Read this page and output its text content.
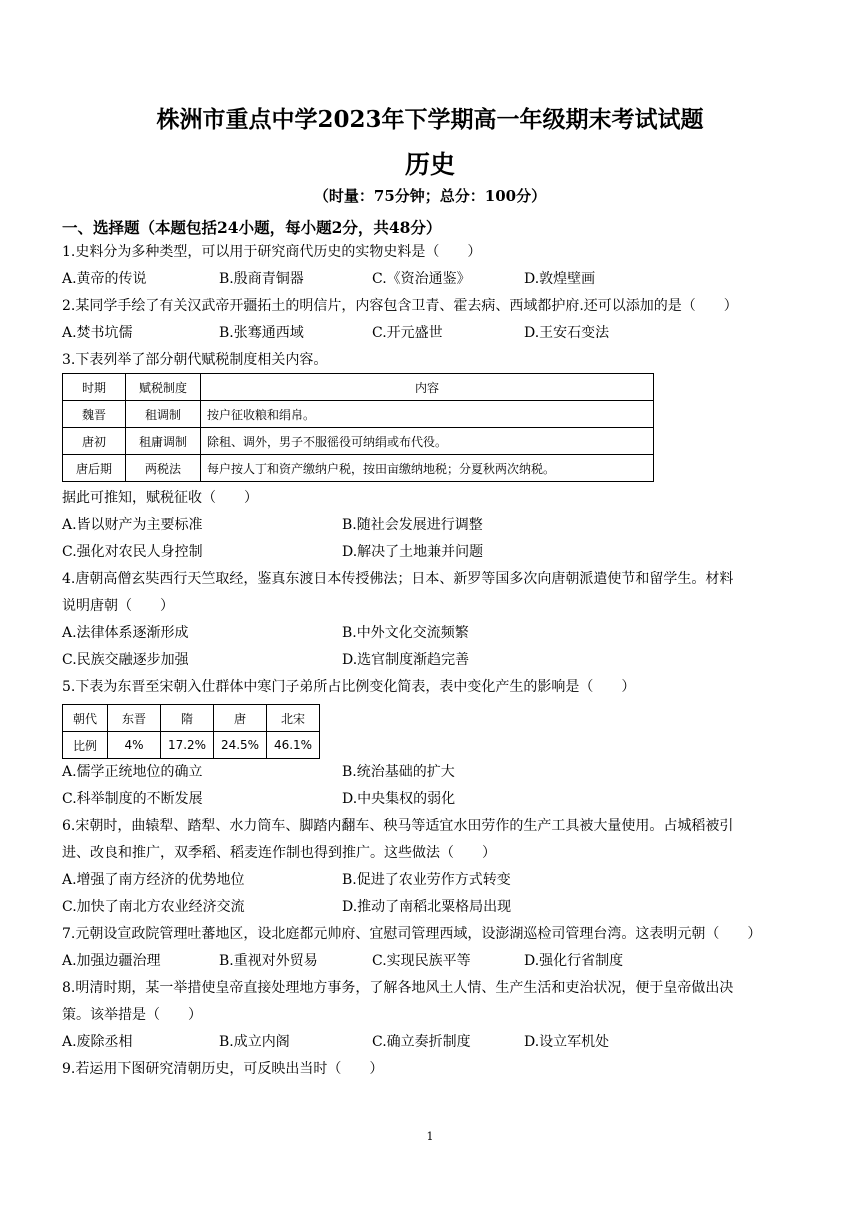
株洲市重点中学2023年下学期高一年级期末考试试题
历史
（时量：75分钟；总分：100分）
一、选择题（本题包括24小题，每小题2分，共48分）
1.史料分为多种类型，可以用于研究商代历史的实物史料是（　　）
A.黄帝的传说	B.殷商青铜器	C.《资治通鉴》	D.敦煌壁画
2.某同学手绘了有关汉武帝开疆拓土的明信片，内容包含卫青、霍去病、西域都护府.还可以添加的是（　　）
A.焚书坑儒	B.张骞通西域	C.开元盛世	D.王安石变法
3.下表列举了部分朝代赋税制度相关内容。
时期	赋税制度	内容
魏晋	租调制	按户征收粮和绢帛。
唐初	租庸调制	除租、调外，男子不服徭役可纳绢或布代役。
唐后期	两税法	每户按人丁和资产缴纳户税，按田亩缴纳地税；分夏秋两次纳税。
据此可推知，赋税征收（　　）
A.皆以财产为主要标准	B.随社会发展进行调整
C.强化对农民人身控制	D.解决了土地兼并问题
4.唐朝高僧玄奘西行天竺取经，鉴真东渡日本传授佛法；日本、新罗等国多次向唐朝派遣使节和留学生。材料
说明唐朝（　　）
A.法律体系逐渐形成	B.中外文化交流频繁
C.民族交融逐步加强	D.选官制度渐趋完善
5.下表为东晋至宋朝入仕群体中寒门子弟所占比例变化简表，表中变化产生的影响是（　　）
朝代	东晋	隋	唐	北宋
比例	4%	17.2%	24.5%	46.1%
A.儒学正统地位的确立	B.统治基础的扩大
C.科举制度的不断发展	D.中央集权的弱化
6.宋朝时，曲辕犁、踏犁、水力筒车、脚踏内翻车、秧马等适宜水田劳作的生产工具被大量使用。占城稻被引
进、改良和推广，双季稻、稻麦连作制也得到推广。这些做法（　　）
A.增强了南方经济的优势地位	B.促进了农业劳作方式转变
C.加快了南北方农业经济交流	D.推动了南稻北粟格局出现
7.元朝设宣政院管理吐蕃地区，设北庭都元帅府、宜慰司管理西域，设澎湖巡检司管理台湾。这表明元朝（　　）
A.加强边疆治理	B.重视对外贸易	C.实现民族平等	D.强化行省制度
8.明清时期，某一举措使皇帝直接处理地方事务，了解各地风土人情、生产生活和吏治状况，便于皇帝做出决
策。该举措是（　　）
A.废除丞相	B.成立内阁	C.确立奏折制度	D.设立军机处
9.若运用下图研究清朝历史，可反映出当时（　　）
1
